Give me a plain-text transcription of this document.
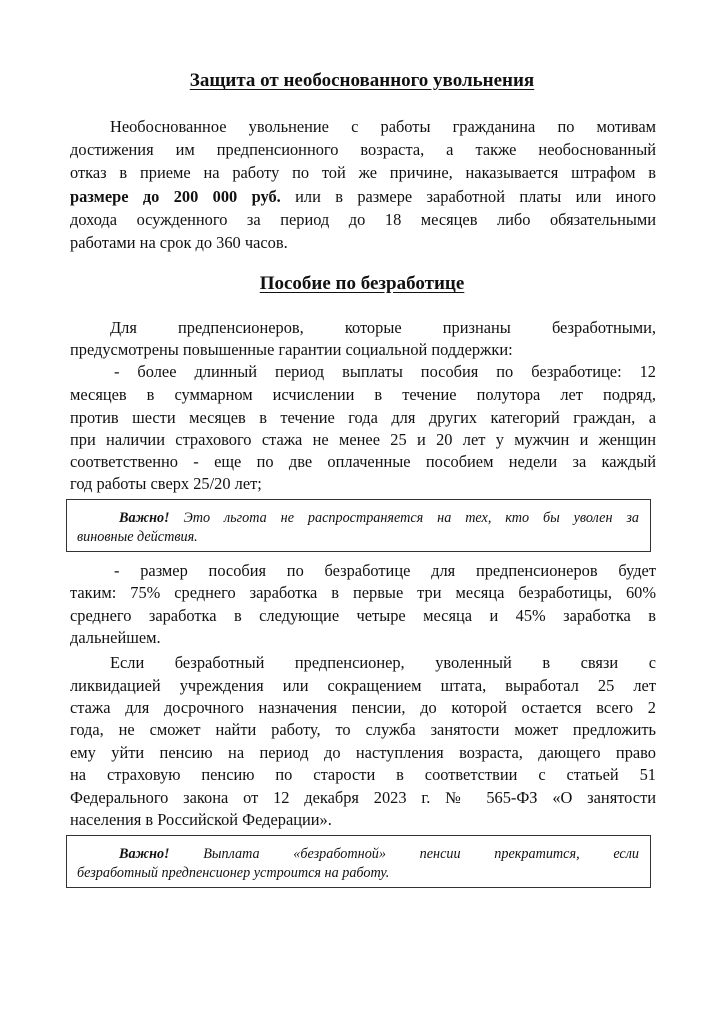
Защита от необоснованного увольнения

Необоснованное увольнение с работы гражданина по мотивам

достижения им предпенсионного возраста, а также необоснованный

отказ в приеме на работу по той же причине, наказывается штрафом в

размере до 200 000 руб. или в размере заработной платы или иного

дохода осужденного за период до 18 месяцев либо обязательными

работами на срок до 360 часов.

Пособие по безработице

Для предпенсионеров, которые признаны безработными,

предусмотрены повышенные гарантии социальной поддержки:

- более длинный период выплаты пособия по безработице: 12

месяцев в суммарном исчислении в течение полутора лет подряд,

против шести месяцев в течение года для других категорий граждан, а

при наличии страхового стажа не менее 25 и 20 лет у мужчин и женщин

соответственно - еще по две оплаченные пособием недели за каждый

год работы сверх 25/20 лет;

Важно! Это льгота не распространяется на тех, кто бы уволен за

виновные действия.

- размер пособия по безработице для предпенсионеров будет

таким: 75% среднего заработка в первые три месяца безработицы, 60%

среднего заработка в следующие четыре месяца и 45% заработка в

дальнейшем.

Если безработный предпенсионер, уволенный в связи с

ликвидацией учреждения или сокращением штата, выработал 25 лет

стажа для досрочного назначения пенсии, до которой остается всего 2

года, не сможет найти работу, то служба занятости может предложить

ему уйти пенсию на период до наступления возраста, дающего право

на страховую пенсию по старости в соответствии с статьей 51

Федерального закона от 12 декабря 2023 г. № 565-ФЗ «О занятости

населения в Российской Федерации».

Важно! Выплата «безработной» пенсии прекратится, если

безработный предпенсионер устроится на работу.
